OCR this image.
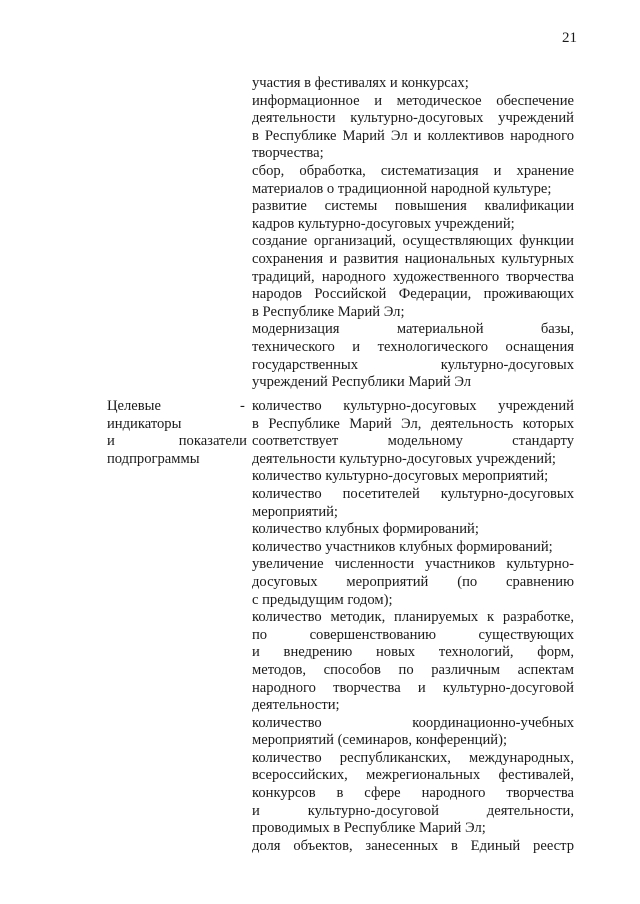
21
участия в фестивалях и конкурсах;
информационное и методическое обеспечение
деятельности культурно-досуговых учреждений
в Республике Марий Эл и коллективов народного
творчества;
сбор, обработка, систематизация и хранение
материалов о традиционной народной культуре;
развитие системы повышения квалификации
кадров культурно-досуговых учреждений;
создание организаций, осуществляющих функции
сохранения и развития национальных культурных
традиций, народного художественного творчества
народов Российской Федерации, проживающих
в Республике Марий Эл;
модернизация материальной базы,
технического и технологического оснащения
государственных культурно-досуговых
учреждений Республики Марий Эл
Целевые
индикаторы
и показатели
подпрограммы
- количество культурно-досуговых учреждений
в Республике Марий Эл, деятельность которых
соответствует модельному стандарту
деятельности культурно-досуговых учреждений;
количество культурно-досуговых мероприятий;
количество посетителей культурно-досуговых
мероприятий;
количество клубных формирований;
количество участников клубных формирований;
увеличение численности участников культурно-
досуговых мероприятий (по сравнению
с предыдущим годом);
количество методик, планируемых к разработке,
по совершенствованию существующих
и внедрению новых технологий, форм,
методов, способов по различным аспектам
народного творчества и культурно-досуговой
деятельности;
количество координационно-учебных
мероприятий (семинаров, конференций);
количество республиканских, международных,
всероссийских, межрегиональных фестивалей,
конкурсов в сфере народного творчества
и культурно-досуговой деятельности,
проводимых в Республике Марий Эл;
доля объектов, занесенных в Единый реестр
